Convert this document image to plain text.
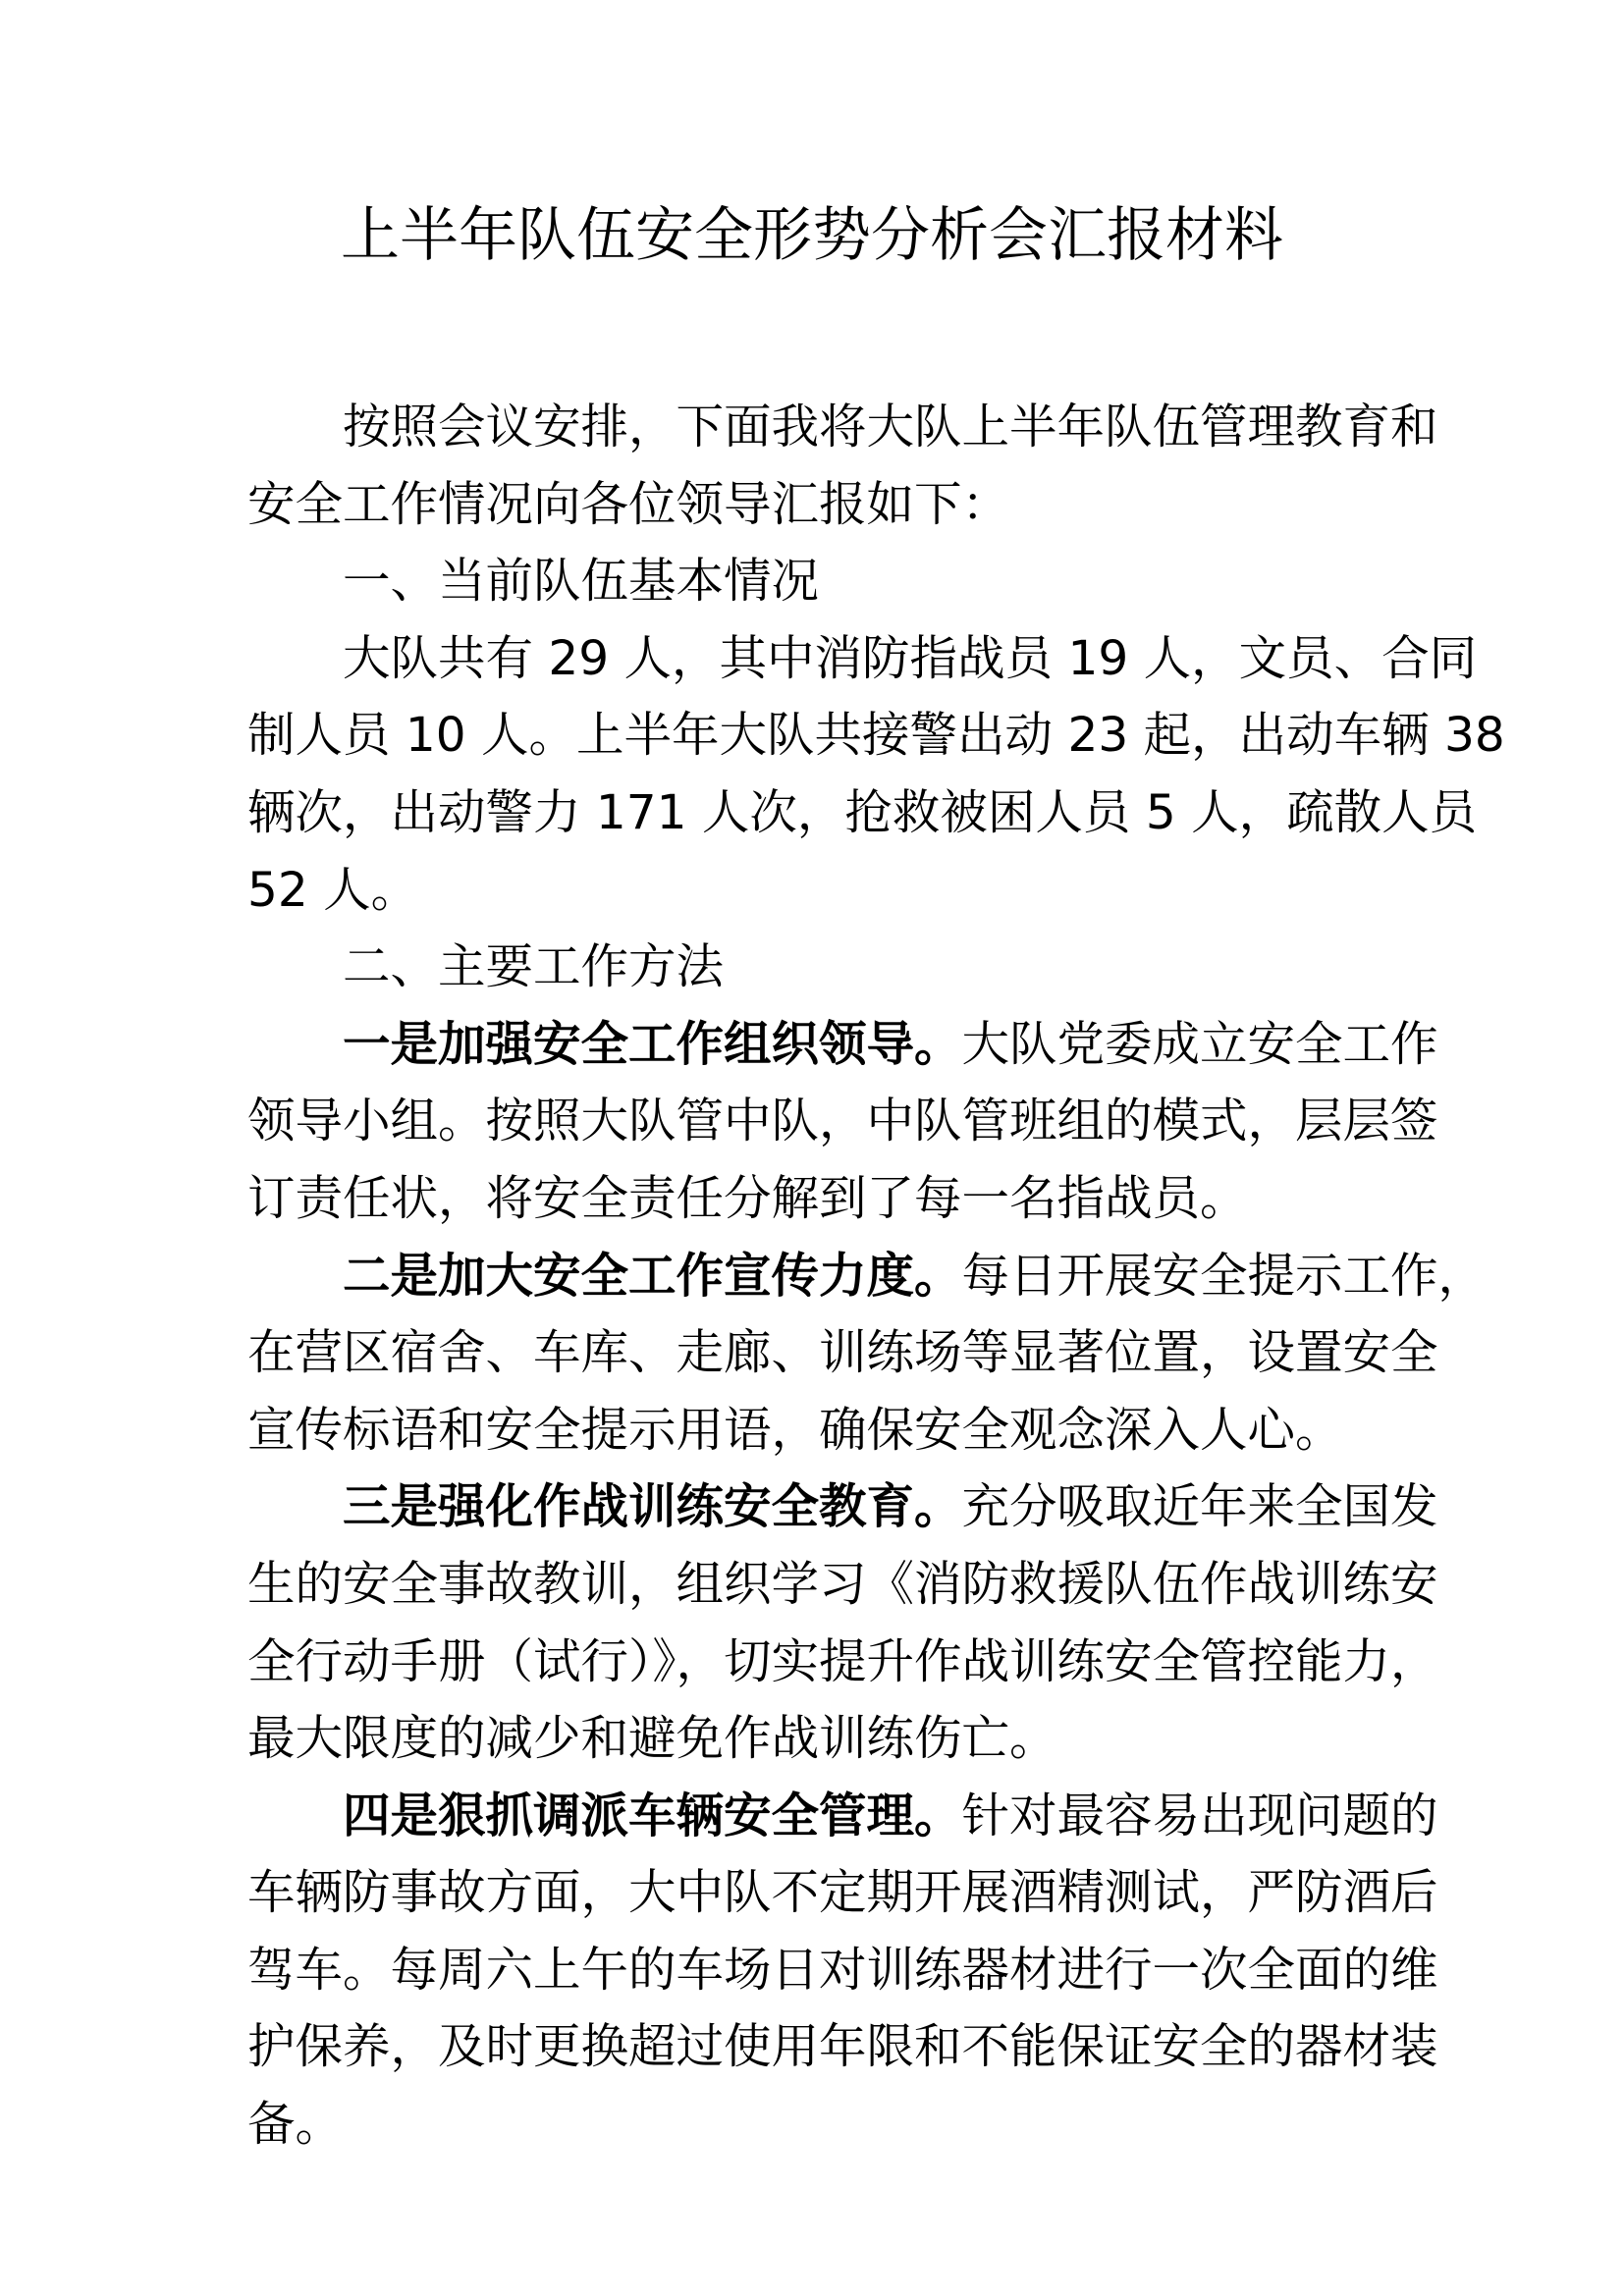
上半年队伍安全形势分析会汇报材料
按照会议安排，下面我将大队上半年队伍管理教育和
安全工作情况向各位领导汇报如下：
一、当前队伍基本情况
大队共有 29 人，其中消防指战员 19 人，文员、合同
制人员 10 人。上半年大队共接警出动 23 起，出动车辆 38
辆次，出动警力 171 人次，抢救被困人员 5 人，疏散人员
52 人。
二、主要工作方法
一是加强安全工作组织领导。大队党委成立安全工作
领导小组。按照大队管中队，中队管班组的模式，层层签
订责任状，将安全责任分解到了每一名指战员。
二是加大安全工作宣传力度。每日开展安全提示工作，
在营区宿舍、车库、走廊、训练场等显著位置，设置安全
宣传标语和安全提示用语，确保安全观念深入人心。
三是强化作战训练安全教育。充分吸取近年来全国发
生的安全事故教训，组织学习《消防救援队伍作战训练安
全行动手册（试行）》，切实提升作战训练安全管控能力，
最大限度的减少和避免作战训练伤亡。
四是狠抓调派车辆安全管理。针对最容易出现问题的
车辆防事故方面，大中队不定期开展酒精测试，严防酒后
驾车。每周六上午的车场日对训练器材进行一次全面的维
护保养，及时更换超过使用年限和不能保证安全的器材装
备。
